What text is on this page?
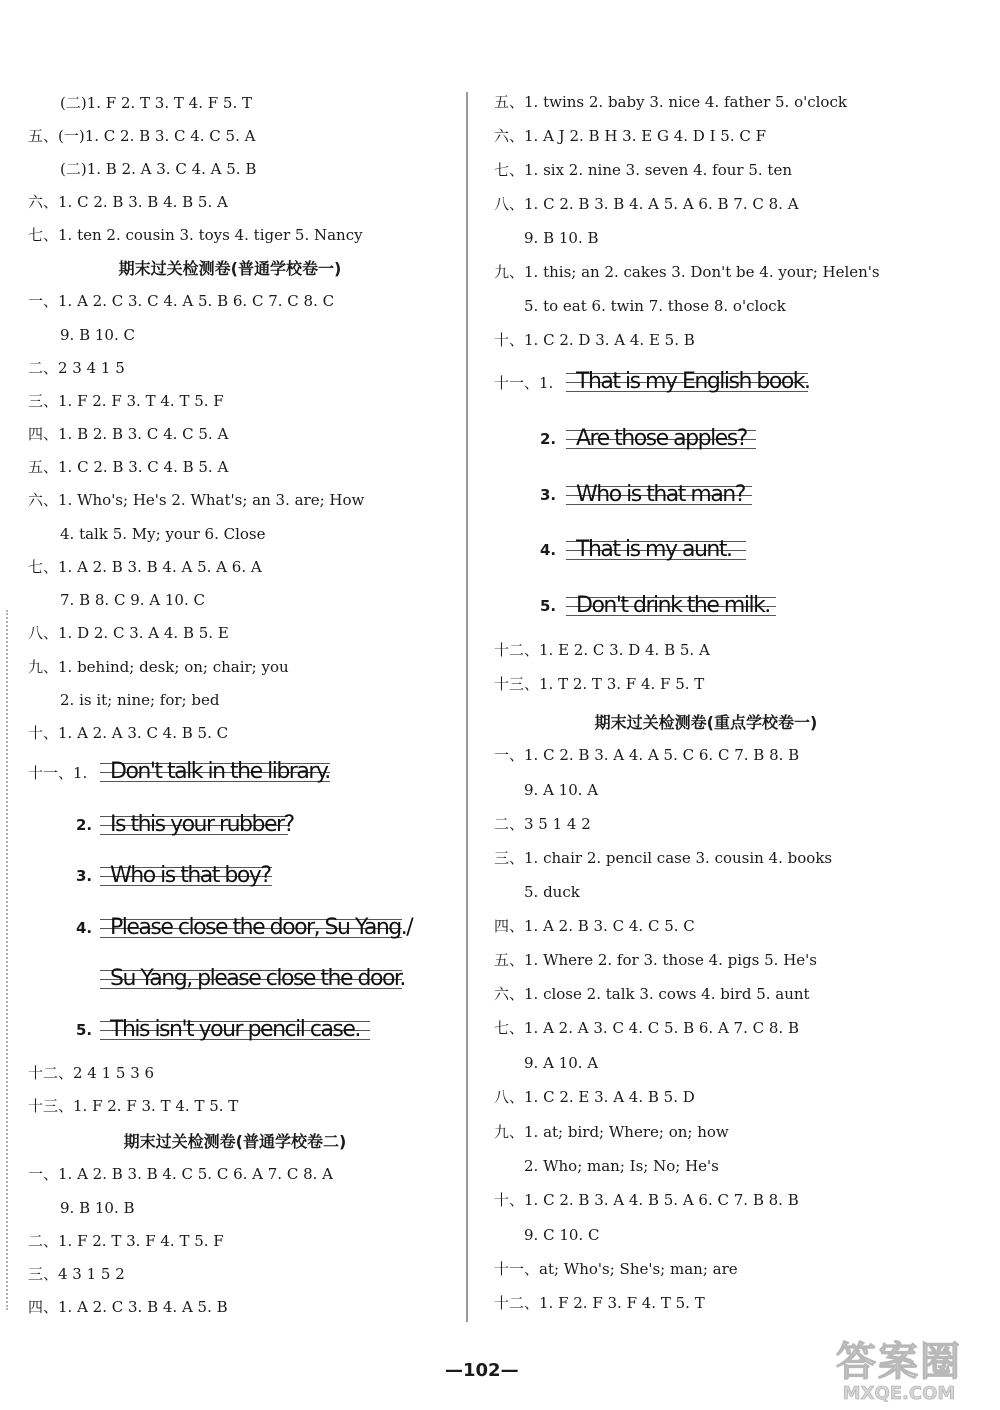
(二)1. F 2. T 3. T 4. F 5. T
五、(一)1. C 2. B 3. C 4. C 5. A
(二)1. B 2. A 3. C 4. A 5. B
六、1. C 2. B 3. B 4. B 5. A
七、1. ten 2. cousin 3. toys 4. tiger 5. Nancy
期末过关检测卷(普通学校卷一)
一、1. A 2. C 3. C 4. A 5. B 6. C 7. C 8. C
9. B 10. C
二、2 3 4 1 5
三、1. F 2. F 3. T 4. T 5. F
四、1. B 2. B 3. C 4. C 5. A
五、1. C 2. B 3. C 4. B 5. A
六、1. Who's; He's 2. What's; an 3. are; How
4. talk 5. My; your 6. Close
七、1. A 2. B 3. B 4. A 5. A 6. A
7. B 8. C 9. A 10. C
八、1. D 2. C 3. A 4. B 5. E
九、1. behind; desk; on; chair; you
2. is it; nine; for; bed
十、1. A 2. A 3. C 4. B 5. C
十一、1. Don't talk in the library.
2. Is this your rubber?
3. Who is that boy?
4. Please close the door, Su Yang./
Su Yang, please close the door.
5. This isn't your pencil case.
十二、2 4 1 5 3 6
十三、1. F 2. F 3. T 4. T 5. T
期末过关检测卷(普通学校卷二)
一、1. A 2. B 3. B 4. C 5. C 6. A 7. C 8. A
9. B 10. B
二、1. F 2. T 3. F 4. T 5. F
三、4 3 1 5 2
四、1. A 2. C 3. B 4. A 5. B
五、1. twins 2. baby 3. nice 4. father 5. o'clock
六、1. A J 2. B H 3. E G 4. D I 5. C F
七、1. six 2. nine 3. seven 4. four 5. ten
八、1. C 2. B 3. B 4. A 5. A 6. B 7. C 8. A
9. B 10. B
九、1. this; an 2. cakes 3. Don't be 4. your; Helen's
5. to eat 6. twin 7. those 8. o'clock
十、1. C 2. D 3. A 4. E 5. B
十一、1. That is my English book.
2. Are those apples?
3. Who is that man?
4. That is my aunt.
5. Don't drink the milk.
十二、1. E 2. C 3. D 4. B 5. A
十三、1. T 2. T 3. F 4. F 5. T
期末过关检测卷(重点学校卷一)
一、1. C 2. B 3. A 4. A 5. C 6. C 7. B 8. B
9. A 10. A
二、3 5 1 4 2
三、1. chair 2. pencil case 3. cousin 4. books
5. duck
四、1. A 2. B 3. C 4. C 5. C
五、1. Where 2. for 3. those 4. pigs 5. He's
六、1. close 2. talk 3. cows 4. bird 5. aunt
七、1. A 2. A 3. C 4. C 5. B 6. A 7. C 8. B
9. A 10. A
八、1. C 2. E 3. A 4. B 5. D
九、1. at; bird; Where; on; how
2. Who; man; Is; No; He's
十、1. C 2. B 3. A 4. B 5. A 6. C 7. B 8. B
9. C 10. C
十一、at; Who's; She's; man; are
十二、1. F 2. F 3. F 4. T 5. T
—102—	答案圈
MXQE.COM
